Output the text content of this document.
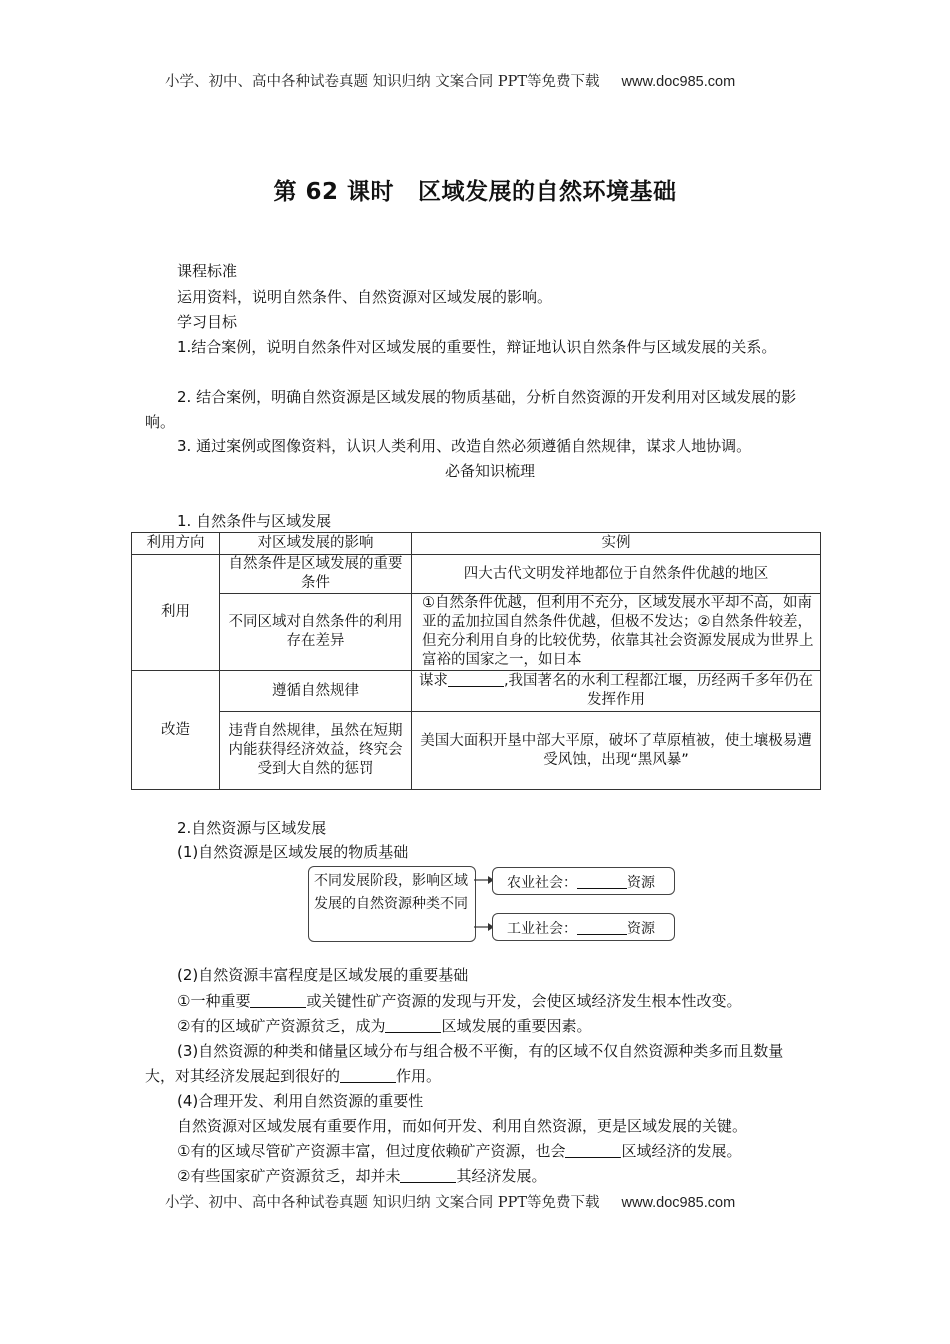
小学、初中、高中各种试卷真题 知识归纳 文案合同 PPT等免费下载 www.doc985.com
第 62 课时 区域发展的自然环境基础
课程标准
运用资料，说明自然条件、自然资源对区域发展的影响。
学习目标
1.结合案例，说明自然条件对区域发展的重要性，辩证地认识自然条件与区域发展的关系。
2. 结合案例，明确自然资源是区域发展的物质基础，分析自然资源的开发利用对区域发展的影响。
3. 通过案例或图像资料，认识人类利用、改造自然必须遵循自然规律，谋求人地协调。
必备知识梳理
1. 自然条件与区域发展
利用方向	对区域发展的影响	实例
利用	自然条件是区域发展的重要条件	四大古代文明发祥地都位于自然条件优越的地区
	不同区域对自然条件的利用存在差异	①自然条件优越，但利用不充分，区域发展水平却不高，如南亚的孟加拉国自然条件优越，但极不发达；②自然条件较差，但充分利用自身的比较优势，依靠其社会资源发展成为世界上富裕的国家之一，如日本
改造	遵循自然规律	谋求 ,我国著名的水利工程都江堰，历经两千多年仍在发挥作用
	违背自然规律，虽然在短期内能获得经济效益，终究会受到大自然的惩罚	美国大面积开垦中部大平原，破坏了草原植被，使土壤极易遭受风蚀，出现“黑风暴”
2.自然资源与区域发展
(1)自然资源是区域发展的物质基础
不同发展阶段，影响区域发展的自然资源种类不同
农业社会：	资源
工业社会：	资源
(2)自然资源丰富程度是区域发展的重要基础
①一种重要	或关键性矿产资源的发现与开发，会使区域经济发生根本性改变。
②有的区域矿产资源贫乏，成为	区域发展的重要因素。
(3)自然资源的种类和储量区域分布与组合极不平衡，有的区域不仅自然资源种类多而且数量大，对其经济发展起到很好的	作用。
(4)合理开发、利用自然资源的重要性
自然资源对区域发展有重要作用，而如何开发、利用自然资源，更是区域发展的关键。
①有的区域尽管矿产资源丰富，但过度依赖矿产资源，也会	区域经济的发展。
②有些国家矿产资源贫乏，却并未	其经济发展。
小学、初中、高中各种试卷真题 知识归纳 文案合同 PPT等免费下载 www.doc985.com
